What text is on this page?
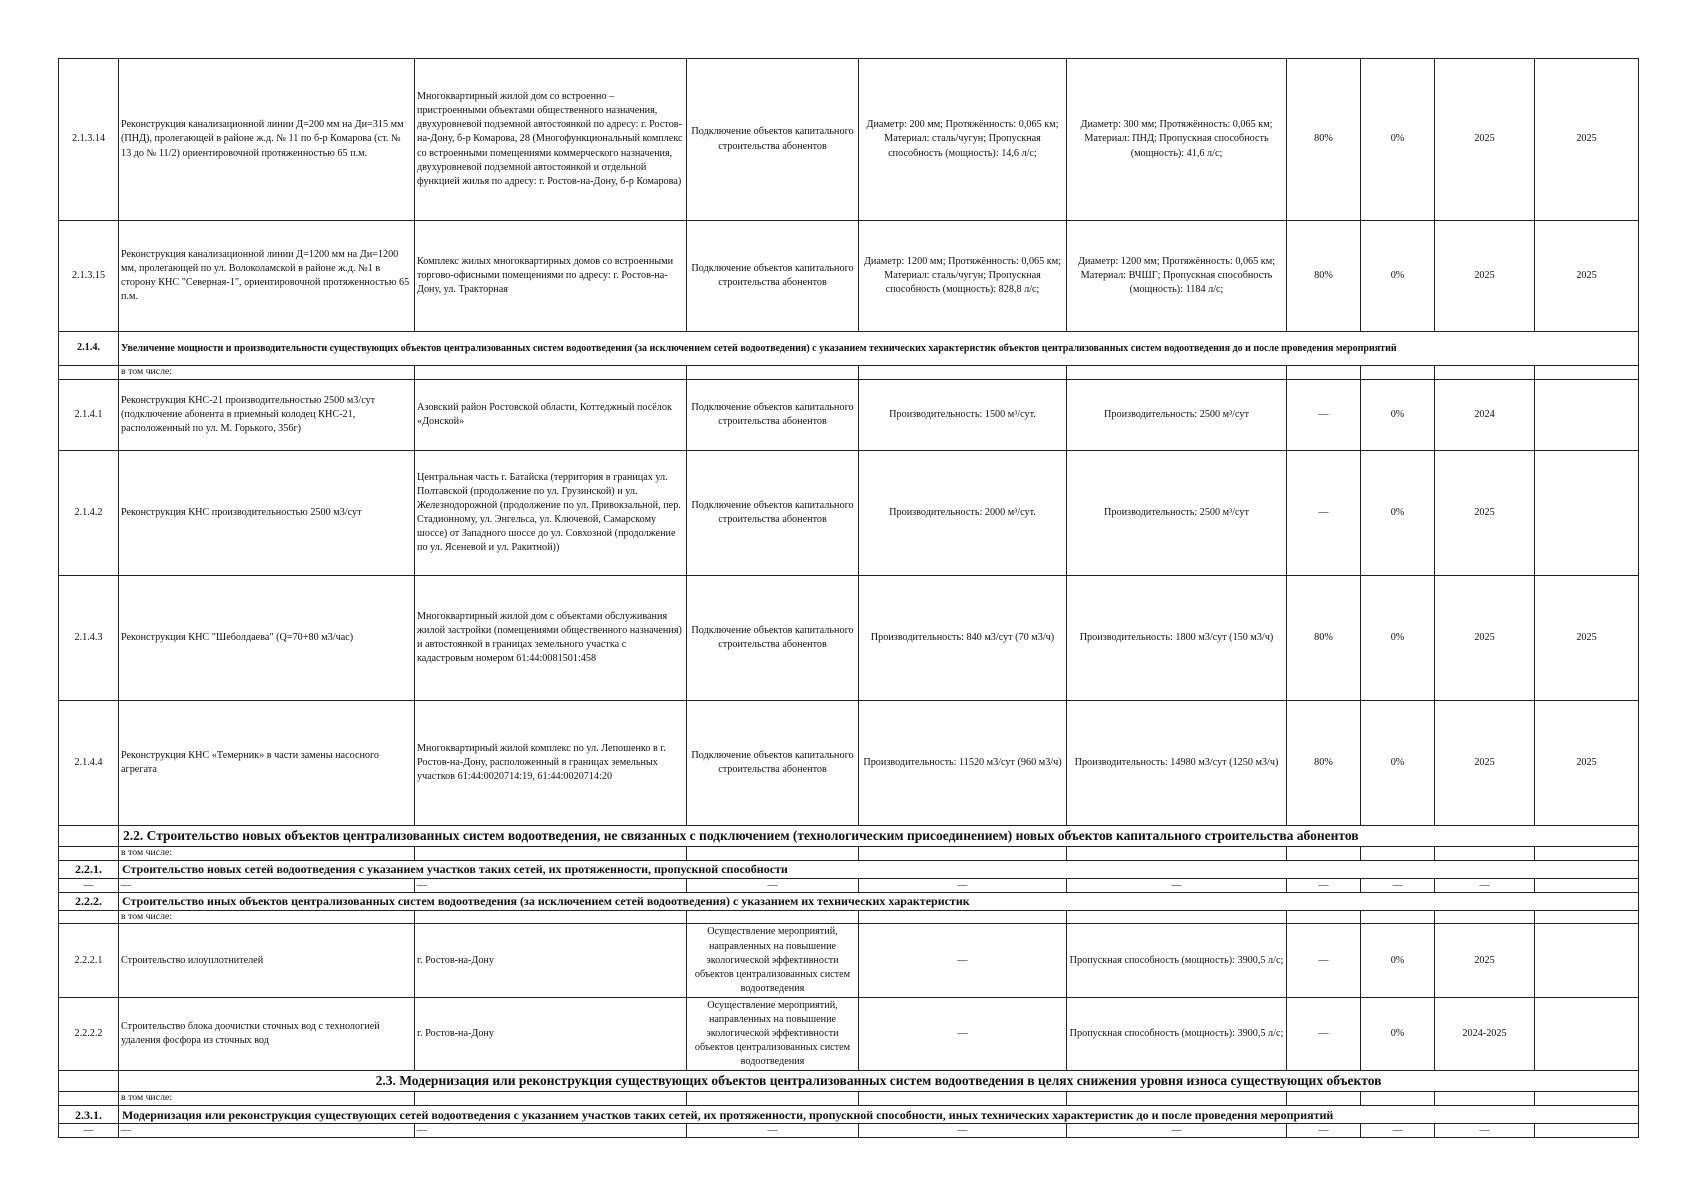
2.1.3.14	Реконструкция канализационной линии Д=200 мм на Ди=315 мм (ПНД), пролегающей в районе ж.д. № 11 по б-р Комарова (ст. № 13 до № 11/2) ориентировочной протяженностью 65 п.м.	Многоквартирный жилой дом со встроенно – пристроенными объектами общественного назначения, двухуровневой подземной автостоянкой по адресу: г. Ростов-на-Дону, б-р Комарова, 28 (Многофункциональный комплекс со встроенными помещениями коммерческого назначения, двухуровневой подземной автостоянкой и отдельной функцией жилья по адресу: г. Ростов-на-Дону, б-р Комарова)	Подключение объектов капитального строительства абонентов	Диаметр: 200 мм; Протяжённость: 0,065 км; Материал: сталь/чугун; Пропускная способность (мощность): 14,6 л/с;	Диаметр: 300 мм; Протяжённость: 0,065 км; Материал: ПНД; Пропускная способность (мощность): 41,6 л/с;	80%	0%	2025	2025
2.1.3.15	Реконструкция канализационной линии Д=1200 мм на Ди=1200 мм, пролегающей по ул. Волоколамской в районе ж.д. №1 в сторону КНС "Северная-1", ориентировочной протяженностью 65 п.м.	Комплекс жилых многоквартирных домов со встроенными торгово-офисными помещениями по адресу: г. Ростов-на-Дону, ул. Тракторная	Подключение объектов капитального строительства абонентов	Диаметр: 1200 мм; Протяжённость: 0,065 км; Материал: сталь/чугун; Пропускная способность (мощность): 828,8 л/с;	Диаметр: 1200 мм; Протяжённость: 0,065 км; Материал: ВЧШГ; Пропускная способность (мощность): 1184 л/с;	80%	0%	2025	2025
2.1.4.	Увеличение мощности и производительности существующих объектов централизованных систем водоотведения (за исключением сетей водоотведения) с указанием технических характеристик объектов централизованных систем водоотведения до и после проведения мероприятий								
	в том числе:								
2.1.4.1	Реконструкция КНС-21 производительностью 2500 м3/сут (подключение абонента в приемный колодец КНС-21, расположенный по ул. М. Горького, 356г)	Азовский район Ростовской области, Коттеджный посёлок «Донской»	Подключение объектов капитального строительства абонентов	Производительность: 1500 м³/сут.	Производительность: 2500 м³/сут	—	0%	2024	
2.1.4.2	Реконструкция КНС производительностью 2500 м3/сут	Центральная часть г. Батайска (территория в границах ул. Полтавской (продолжение по ул. Грузинской) и ул. Железнодорожной (продолжение по ул. Привокзальной, пер. Стадионному, ул. Энгельса, ул. Ключевой, Самарскому шоссе) от Западного шоссе до ул. Совхозной (продолжение по ул. Ясеневой и ул. Ракитной))	Подключение объектов капитального строительства абонентов	Производительность: 2000 м³/сут.	Производительность: 2500 м³/сут	—	0%	2025	
2.1.4.3	Реконструкция КНС "Шеболдаева" (Q=70+80 м3/час)	Многоквартирный жилой дом с объектами обслуживания жилой застройки (помещениями общественного назначения) и автостоянкой в границах земельного участка с кадастровым номером 61:44:0081501:458	Подключение объектов капитального строительства абонентов	Производительность: 840 м3/сут (70 м3/ч)	Производительность: 1800 м3/сут (150 м3/ч)	80%	0%	2025	2025
2.1.4.4	Реконструкция КНС «Темерник» в части замены насосного агрегата	Многоквартирный жилой комплекс по ул. Лепошенко в г. Ростов-на-Дону, расположенный в границах земельных участков 61:44:0020714:19, 61:44:0020714:20	Подключение объектов капитального строительства абонентов	Производительность: 11520 м3/сут (960 м3/ч)	Производительность: 14980 м3/сут (1250 м3/ч)	80%	0%	2025	2025
	2.2. Строительство новых объектов централизованных систем водоотведения, не связанных с подключением (технологическим присоединением) новых объектов капитального строительства абонентов								
	в том числе:								
2.2.1.	Строительство новых сетей водоотведения с указанием участков таких сетей, их протяженности, пропускной способности								
—	—	—	—	—	—	—	—	—	
2.2.2.	Строительство иных объектов централизованных систем водоотведения (за исключением сетей водоотведения) с указанием их технических характеристик								
	в том числе:								
2.2.2.1	Строительство илоуплотнителей	г. Ростов-на-Дону	Осуществление мероприятий, направленных на повышение экологической эффективности объектов централизованных систем водоотведения	—	Пропускная способность (мощность): 3900,5 л/с;	—	0%	2025	
2.2.2.2	Строительство блока доочистки сточных вод с технологией удаления фосфора из сточных вод	г. Ростов-на-Дону	Осуществление мероприятий, направленных на повышение экологической эффективности объектов централизованных систем водоотведения	—	Пропускная способность (мощность): 3900,5 л/с;	—	0%	2024-2025	
	2.3. Модернизация или реконструкция существующих объектов централизованных систем водоотведения в целях снижения уровня износа существующих объектов								
	в том числе:								
2.3.1.	Модернизация или реконструкция существующих сетей водоотведения с указанием участков таких сетей, их протяженности, пропускной способности, иных технических характеристик до и после проведения мероприятий								
—	—	—	—	—	—	—	—	—	
